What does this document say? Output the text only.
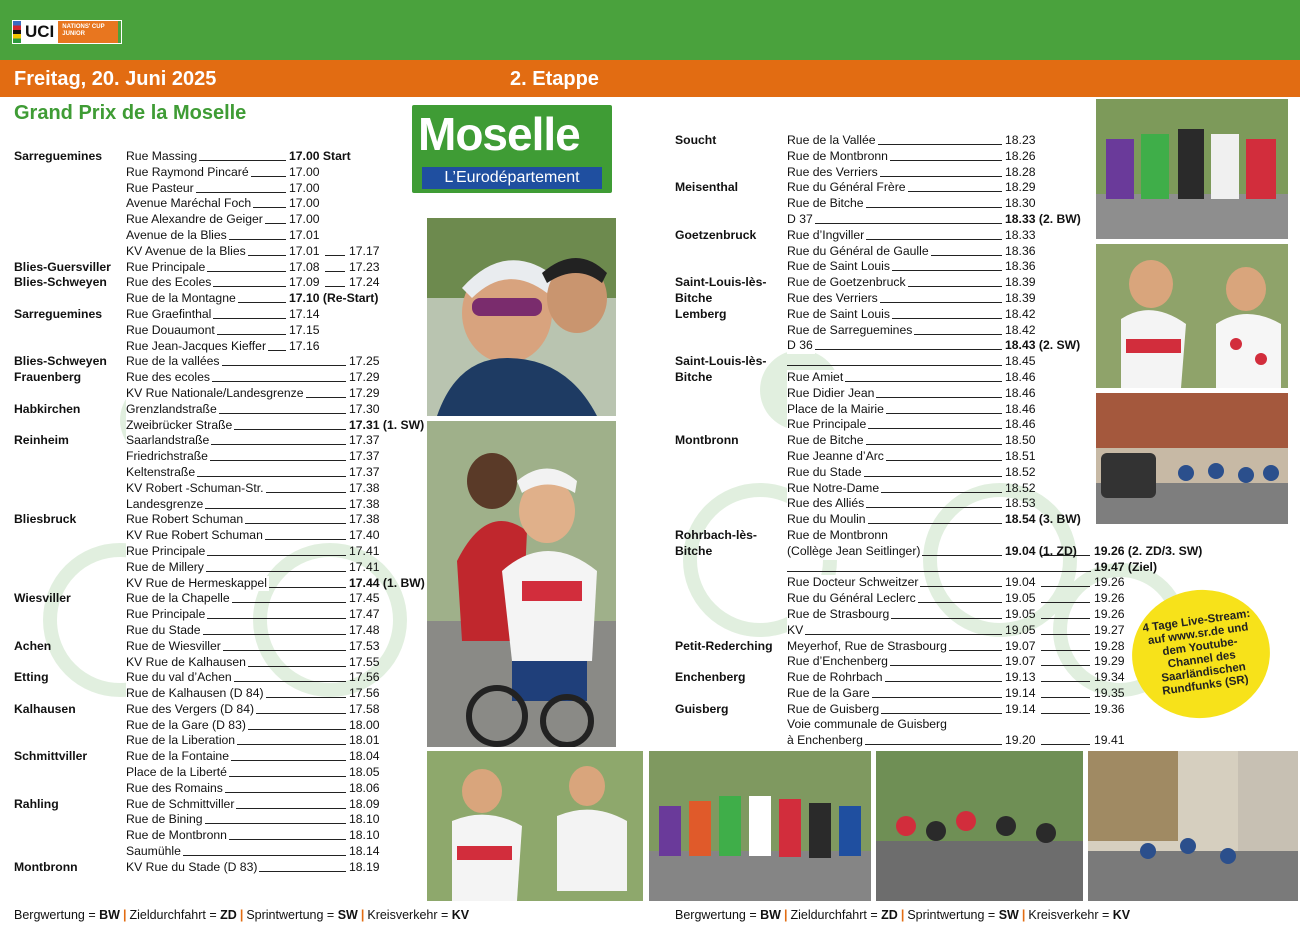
UCI	NATIONS' CUP JUNIOR
Freitag, 20. Juni 2025	2. Etappe
Grand Prix de la Moselle	Moselle
L’Eurodépartement
Sarreguemines Rue Massing	17.00 Start
Rue Raymond Pincaré	17.00
Rue Pasteur	17.00
Avenue Maréchal Foch	17.00
Rue Alexandre de Geiger 17.00
Avenue de la Blies	17.01
KV Avenue de la Blies	17.01 17.17
Blies-Guersviller Rue Principale	17.08 17.23
Blies-Schweyen Rue des Ecoles	17.09 17.24
Rue de la Montagne	17.10 (Re-Start)
Sarreguemines Rue Graefinthal	17.14
Rue Douaumont	17.15
Rue Jean-Jacques Kieffer 17.16
Blies-Schweyen Rue de la vallées	17.25
Frauenberg	Rue des ecoles	17.29
KV Rue Nationale/Landesgrenze	17.29
Habkirchen	Grenzlandstraße	17.30
Zweibrücker Straße	17.31 (1. SW)
Reinheim	Saarlandstraße	17.37
Friedrichstraße	17.37
Keltenstraße	17.37
KV Robert -Schuman-Str.	17.38
Landesgrenze	17.38
Bliesbruck	Rue Robert Schuman	17.38
KV Rue Robert Schuman	17.40
Rue Principale	17.41
Rue de Millery	17.41
KV Rue de Hermeskappel	17.44 (1. BW)
Wiesviller	Rue de la Chapelle	17.45
Rue Principale	17.47
Rue du Stade	17.48
Achen	Rue de Wiesviller	17.53
KV Rue de Kalhausen	17.55
Etting	Rue du val d’Achen	17.56
Rue de Kalhausen (D 84)	17.56
Kalhausen	Rue des Vergers (D 84)	17.58
Rue de la Gare (D 83)	18.00
Rue de la Liberation	18.01
Schmittviller	Rue de la Fontaine	18.04
Place de la Liberté	18.05
Rue des Romains	18.06
Rahling	Rue de Schmittviller	18.09
Rue de Bining	18.10
Rue de Montbronn	18.10
Saumühle	18.14
Montbronn	KV Rue du Stade (D 83)	18.19
Soucht	Rue de la Vallée	18.23
Rue de Montbronn	18.26
Rue des Verriers	18.28
Meisenthal	Rue du Général Frère	18.29
Rue de Bitche	18.30
D 37	18.33 (2. BW)
Goetzenbruck	Rue d’Ingviller	18.33
Rue du Général de Gaulle	18.36
Rue de Saint Louis	18.36
Saint-Louis-lès- Rue de Goetzenbruck	18.39
Bitche	Rue des Verriers	18.39
Lemberg	Rue de Saint Louis	18.42
Rue de Sarreguemines	18.42
D 36	18.43 (2. SW)
Saint-Louis-lès-	18.45
Bitche	Rue Amiet	18.46
Rue Didier Jean	18.46
Place de la Mairie	18.46
Rue Principale	18.46
Montbronn	Rue de Bitche	18.50
Rue Jeanne d’Arc	18.51
Rue du Stade	18.52
Rue Notre-Dame	18.52
Rue des Alliés	18.53
Rue du Moulin	18.54 (3. BW)
Rohrbach-lès- Rue de Montbronn
Bitche	(Collège Jean Seitlinger)	19.04 (1. ZD) 19.26 (2. ZD/3. SW)
19.47 (Ziel)
Rue Docteur Schweitzer	19.04	19.26
Rue du Général Leclerc	19.05	19.26
Rue de Strasbourg	19.05	19.26
KV	19.05	19.27
Petit-Rederching Meyerhof, Rue de Strasbourg	19.07	19.28
Rue d’Enchenberg	19.07	19.29
Enchenberg	Rue de Rohrbach	19.13	19.34
Rue de la Gare	19.14	19.35
Guisberg	Rue de Guisberg	19.14	19.36
Voie communale de Guisberg
à Enchenberg	19.20	19.41
4 Tage Live-Stream: auf www.sr.de und dem Youtube-Channel des Saarländischen Rundfunks (SR)
Bergwertung = BW | Zieldurchfahrt = ZD | Sprintwertung = SW | Kreisverkehr = KV	Bergwertung = BW | Zieldurchfahrt = ZD | Sprintwertung = SW | Kreisverkehr = KV
